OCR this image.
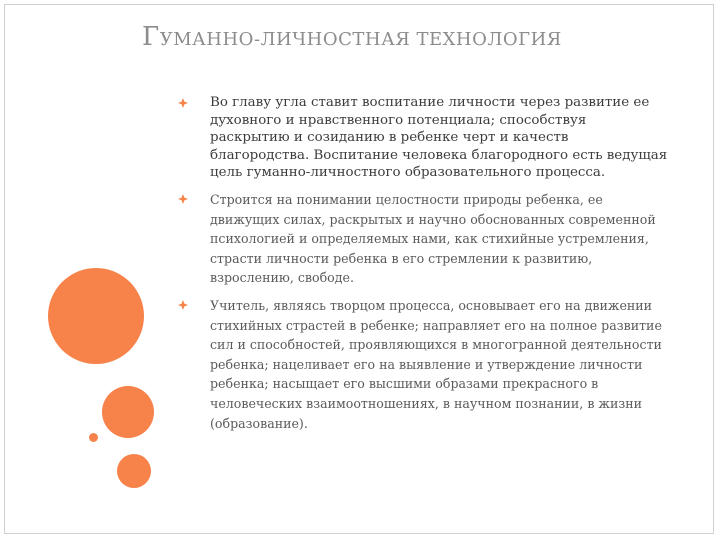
ГУМАННО-ЛИЧНОСТНАЯ ТЕХНОЛОГИЯ
Во главу угла ставит воспитание личности через развитие ее духовного и нравственного потенциала; способствуя раскрытию и созиданию в ребенке черт и качеств благородства. Воспитание человека благородного есть ведущая цель гуманно-личностного образовательного процесса.
Строится на понимании целостности природы ребенка, ее движущих силах, раскрытых и научно обоснованных современной психологией и определяемых нами, как стихийные устремления, страсти личности ребенка в его стремлении к развитию, взрослению, свободе.
Учитель, являясь творцом процесса, основывает его на движении стихийных страстей в ребенке; направляет его на полное развитие сил и способностей, проявляющихся в многогранной деятельности ребенка; нацеливает его на выявление и утверждение личности ребенка; насыщает его высшими образами прекрасного в человеческих взаимоотношениях, в научном познании, в жизни (образование).
